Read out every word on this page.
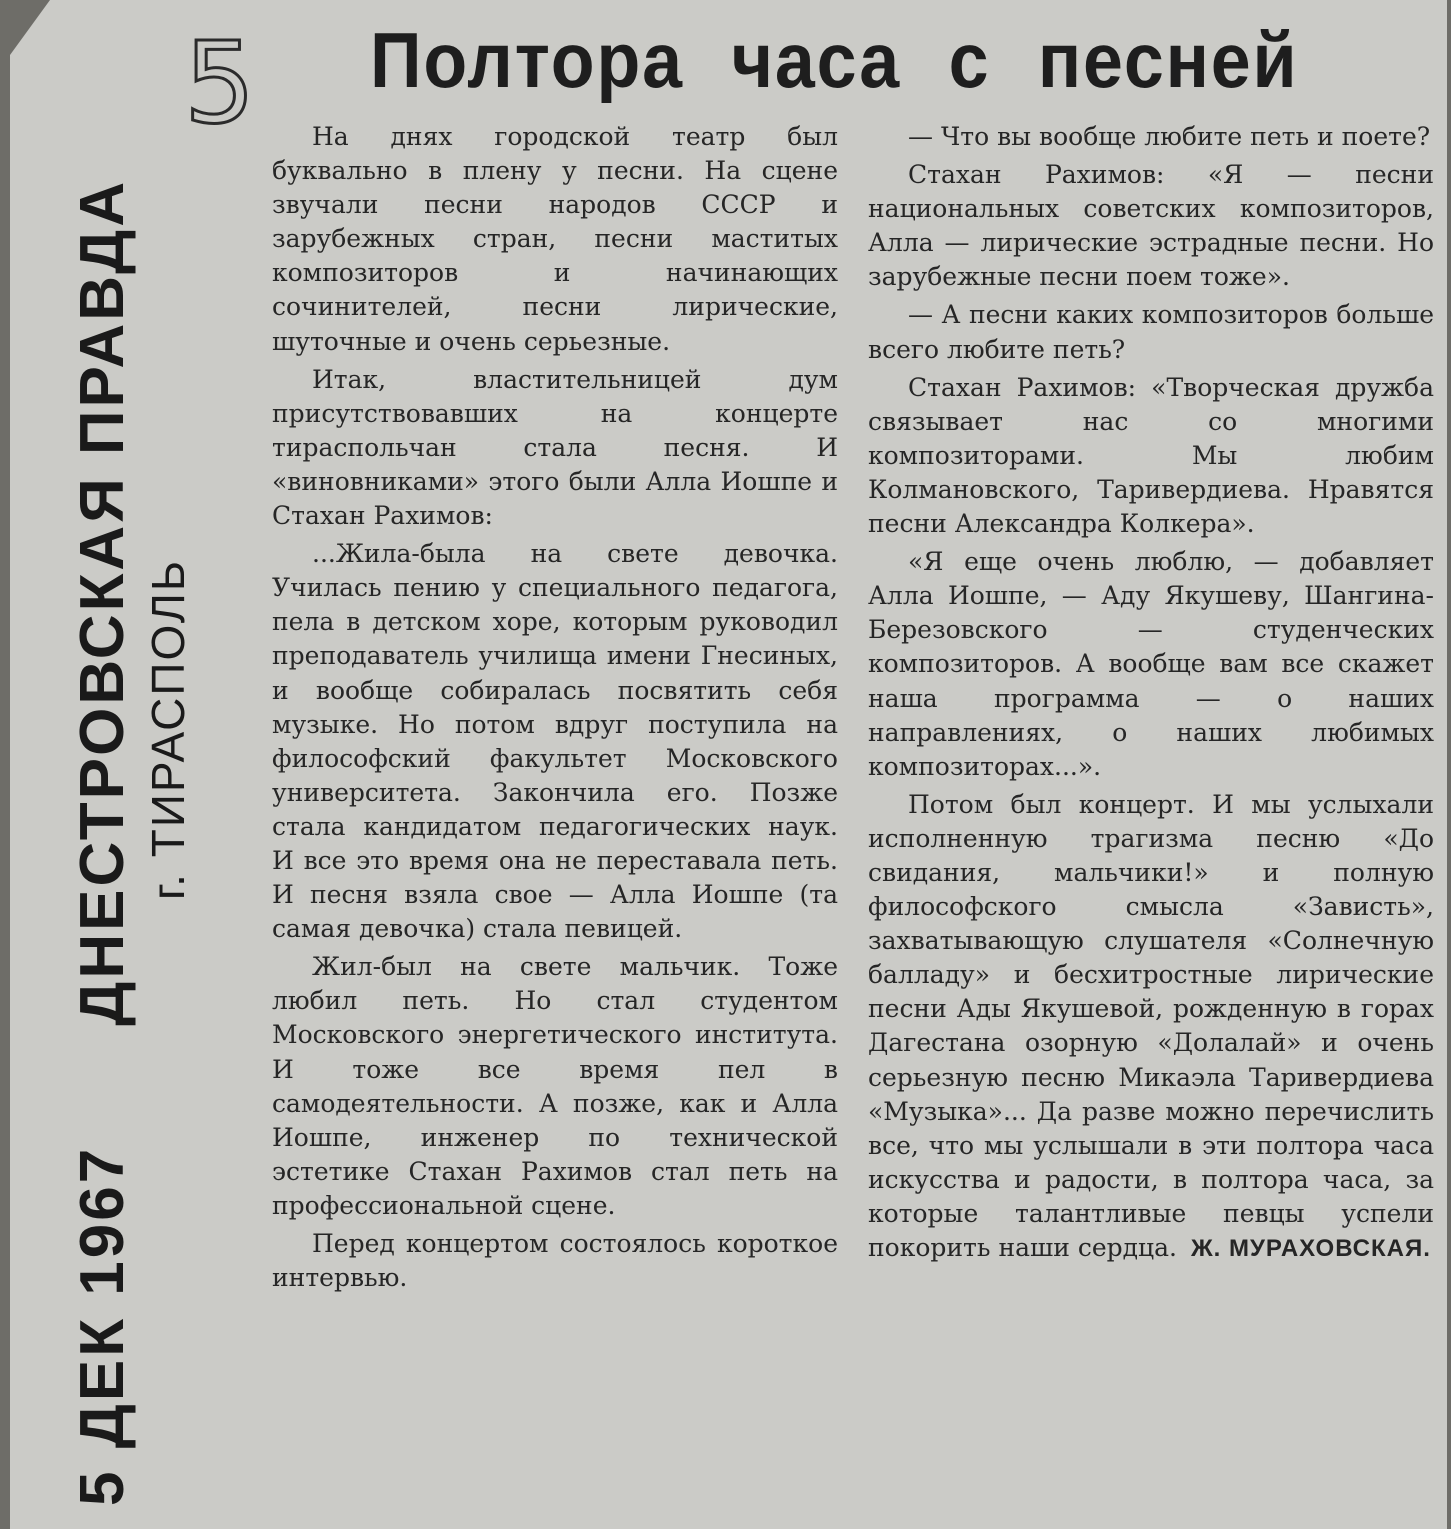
5
5 ДЕК 1967ДНЕСТРОВСКАЯ ПРАВДА г. ТИРАСПОЛЬ
Полтора часа с песней

На днях городской театр был буквально в плену у песни. На сцене звучали песни народов СССР и зарубежных стран, песни маститых композиторов и начинающих сочинителей, песни лирические, шуточные и очень серьезные.

Итак, властительницей дум присутствовавших на концерте тираспольчан стала песня. И «виновниками» этого были Алла Иошпе и Стахан Рахимов:

...Жила-была на свете девочка. Училась пению у специального педагога, пела в детском хоре, которым руководил преподаватель училища имени Гнесиных, и вообще собиралась посвятить себя музыке. Но потом вдруг поступила на философский факультет Московского университета. Закончила его. Позже стала кандидатом педагогических наук. И все это время она не переставала петь. И песня взяла свое — Алла Иошпе (та самая девочка) стала певицей.

Жил-был на свете мальчик. Тоже любил петь. Но стал студентом Московского энергетического института. И тоже все время пел в самодеятельности. А позже, как и Алла Иошпе, инженер по технической эстетике Стахан Рахимов стал петь на профессиональной сцене.

Перед концертом состоялось короткое интервью.

— Что вы вообще любите петь и поете?

Стахан Рахимов: «Я — песни национальных советских композиторов, Алла — лирические эстрадные песни. Но зарубежные песни поем тоже».

— А песни каких композиторов больше всего любите петь?

Стахан Рахимов: «Творческая дружба связывает нас со многими композиторами. Мы любим Колмановского, Таривердиева. Нравятся песни Александра Колкера».

«Я еще очень люблю, — добавляет Алла Иошпе, — Аду Якушеву, Шангина-Березовского — студенческих композиторов. А вообще вам все скажет наша программа — о наших направлениях, о наших любимых композиторах...».

Потом был концерт. И мы услыхали исполненную трагизма песню «До свидания, мальчики!» и полную философского смысла «Зависть», захватывающую слушателя «Солнечную балладу» и бесхитростные лирические песни Ады Якушевой, рожденную в горах Дагестана озорную «Долалай» и очень серьезную песню Микаэла Таривердиева «Музыка»... Да разве можно перечислить все, что мы услышали в эти полтора часа искусства и радости, в полтора часа, за которые талантливые певцы успели покорить наши сердца. Ж. МУРАХОВСКАЯ.
